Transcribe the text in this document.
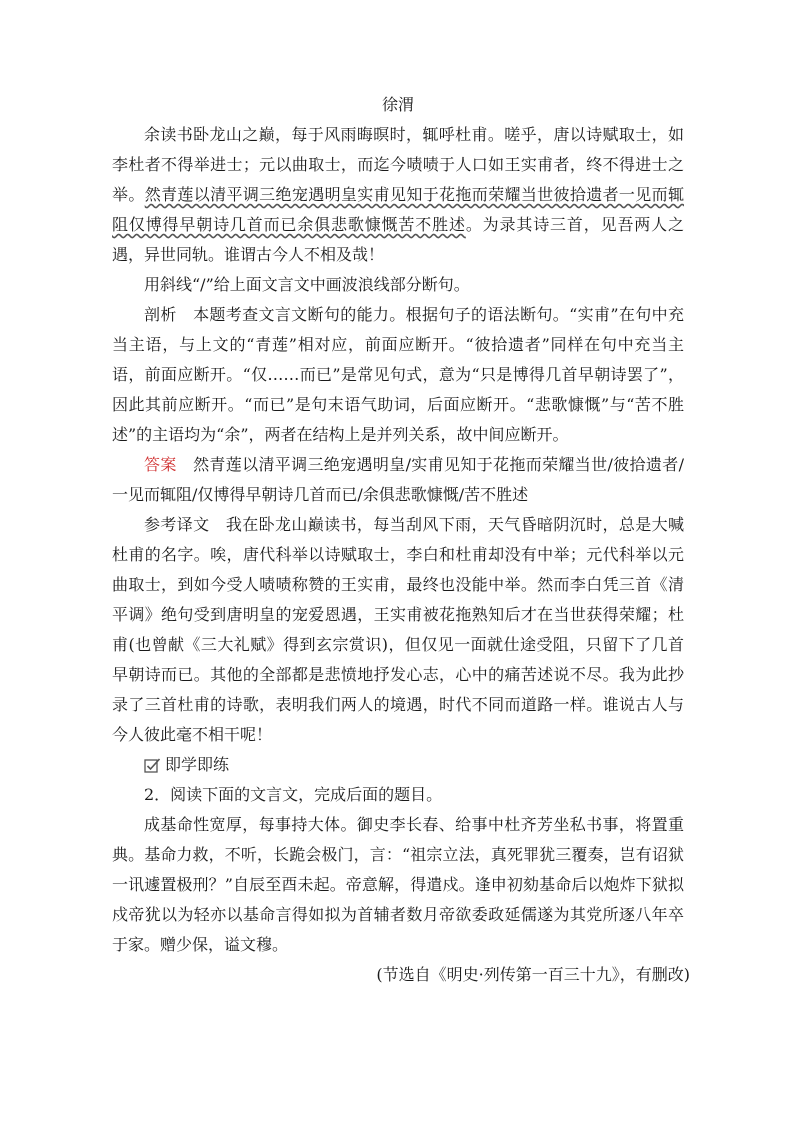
徐渭

余读书卧龙山之巅，每于风雨晦暝时，辄呼杜甫。嗟乎，唐以诗赋取士，如李杜者不得举进士；元以曲取士，而迄今啧啧于人口如王实甫者，终不得进士之举。然青莲以清平调三绝宠遇明皇实甫见知于花拖而荣耀当世彼拾遗者一见而辄阻仅博得早朝诗几首而已余俱悲歌慷慨苦不胜述。为录其诗三首，见吾两人之遇，异世同轨。谁谓古今人不相及哉！

用斜线“/”给上面文言文中画波浪线部分断句。

剖析　 本题考查文言文断句的能力。根据句子的语法断句。“实甫”在句中充当主语，与上文的“青莲”相对应，前面应断开。“彼拾遗者”同样在句中充当主语，前面应断开。“仅……而已”是常见句式，意为“只是博得几首早朝诗罢了”，因此其前应断开。“而已”是句末语气助词，后面应断开。“悲歌慷慨”与“苦不胜述”的主语均为“余”，两者在结构上是并列关系，故中间应断开。

答案　 然青莲以清平调三绝宠遇明皇/实甫见知于花拖而荣耀当世/彼拾遗者/一见而辄阻/仅博得早朝诗几首而已/余俱悲歌慷慨/苦不胜述

参考译文　 我在卧龙山巅读书，每当刮风下雨，天气昏暗阴沉时，总是大喊杜甫的名字。唉，唐代科举以诗赋取士，李白和杜甫却没有中举；元代科举以元曲取士，到如今受人啧啧称赞的王实甫，最终也没能中举。然而李白凭三首《清平调》绝句受到唐明皇的宠爱恩遇，王实甫被花拖熟知后才在当世获得荣耀；杜甫(也曾献《三大礼赋》得到玄宗赏识)，但仅见一面就仕途受阻，只留下了几首早朝诗而已。其他的全部都是悲愤地抒发心志，心中的痛苦述说不尽。我为此抄录了三首杜甫的诗歌，表明我们两人的境遇，时代不同而道路一样。谁说古人与今人彼此毫不相干呢！

即学即练

2．阅读下面的文言文，完成后面的题目。

成基命性宽厚，每事持大体。御史李长春、给事中杜齐芳坐私书事，将置重典。基命力救，不听，长跪会极门，言：“祖宗立法，真死罪犹三覆奏，岂有诏狱一讯遽置极刑？”自辰至酉未起。帝意解，得遣戍。逢申初劾基命后以炮炸下狱拟戍帝犹以为轻亦以基命言得如拟为首辅者数月帝欲委政延儒遂为其党所逐八年卒于家。赠少保，谥文穆。

(节选自《明史·列传第一百三十九》，有删改)
